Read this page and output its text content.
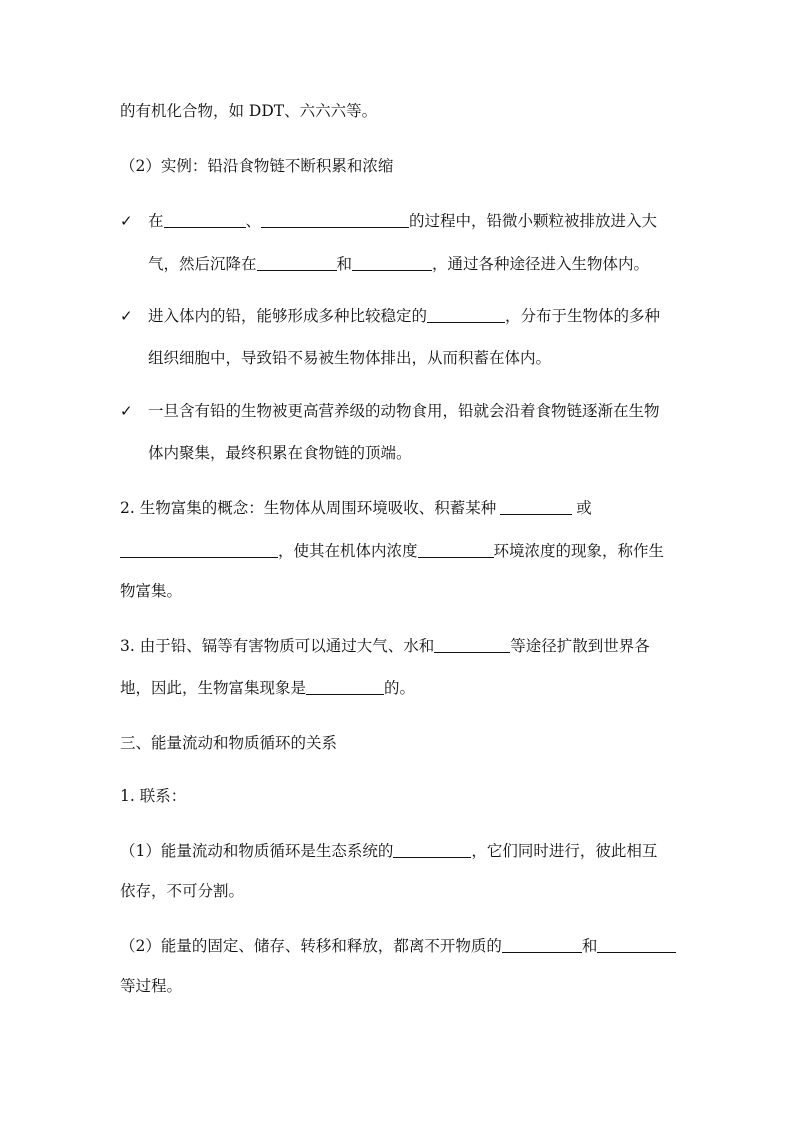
的有机化合物，如 DDT、六六六等。
（2）实例：铅沿食物链不断积累和浓缩
✓ 在	、	的过程中，铅微小颗粒被排放进入大
气，然后沉降在	和	，通过各种途径进入生物体内。
✓ 进入体内的铅，能够形成多种比较稳定的	，分布于生物体的多种
组织细胞中，导致铅不易被生物体排出，从而积蓄在体内。
✓ 一旦含有铅的生物被更高营养级的动物食用，铅就会沿着食物链逐渐在生物
体内聚集，最终积累在食物链的顶端。
2. 生物富集的概念：生物体从周围环境吸收、积蓄某种	或
，使其在机体内浓度	环境浓度的现象，称作生
物富集。
3. 由于铅、镉等有害物质可以通过大气、水和	等途径扩散到世界各
地，因此，生物富集现象是	的。
三、能量流动和物质循环的关系
1. 联系：
（1）能量流动和物质循环是生态系统的	，它们同时进行，彼此相互
依存，不可分割。
（2）能量的固定、储存、转移和释放，都离不开物质的	和
等过程。
